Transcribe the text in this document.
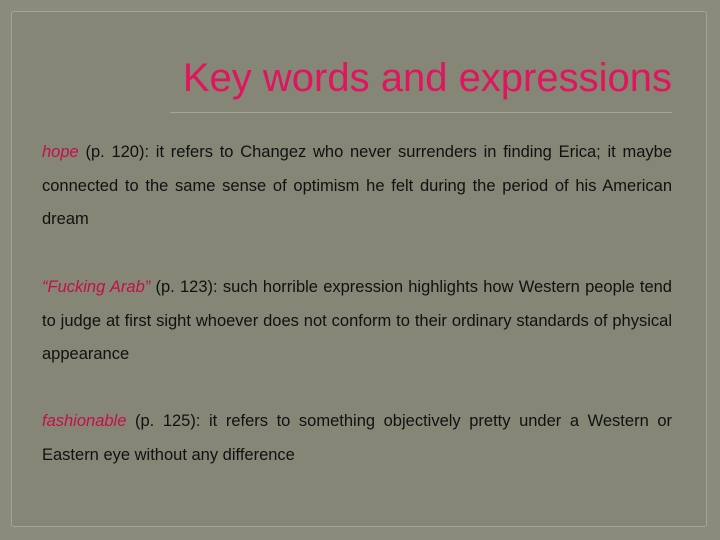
Key words and expressions

hope (p. 120): it refers to Changez who never surrenders in finding Erica; it maybe connected to the same sense of optimism he felt during the period of his American dream

“Fucking Arab” (p. 123): such horrible expression highlights how Western people tend to judge at first sight whoever does not conform to their ordinary standards of physical appearance

fashionable (p. 125): it refers to something objectively pretty under a Western or Eastern eye without any difference
